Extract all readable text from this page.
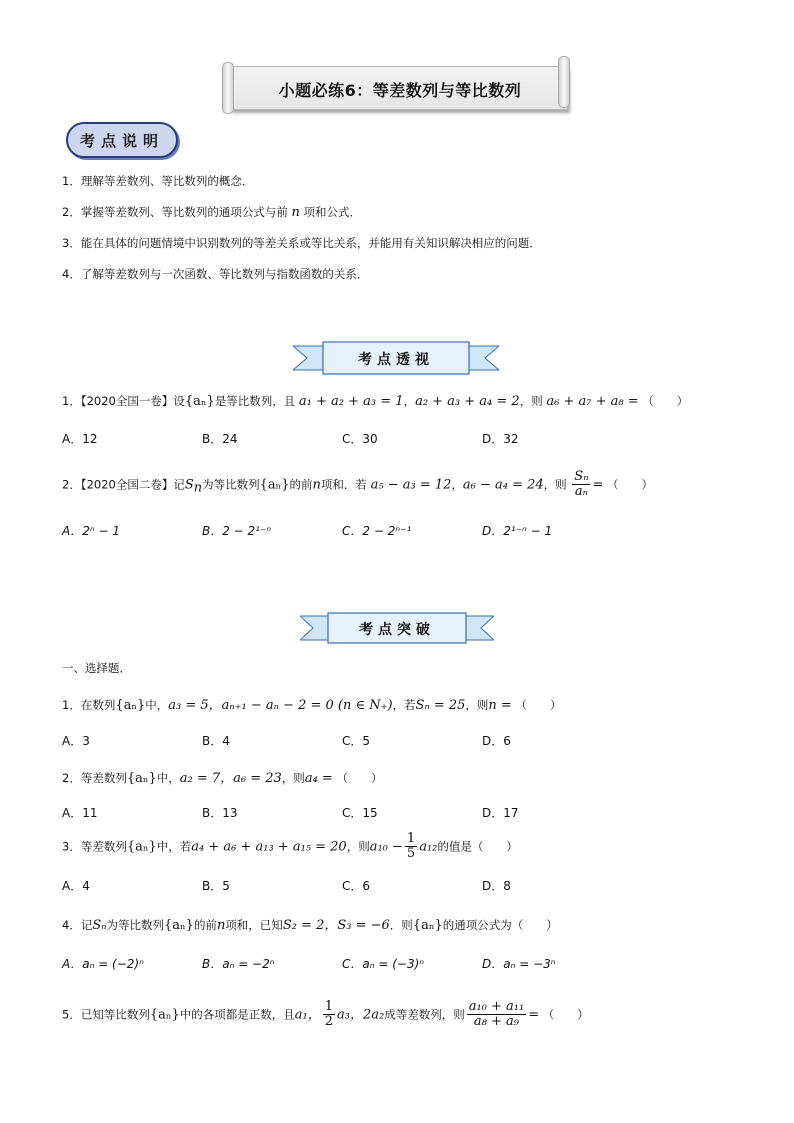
小题必练6：等差数列与等比数列
考点说明
1．理解等差数列、等比数列的概念．
2．掌握等差数列、等比数列的通项公式与前 n 项和公式．
3．能在具体的问题情境中识别数列的等差关系或等比关系，并能用有关知识解决相应的问题．
4．了解等差数列与一次函数、等比数列与指数函数的关系．
考点透视
1．【2020全国一卷】设{aₙ}是等比数列，且 a₁ + a₂ + a₃ = 1，a₂ + a₃ + a₄ = 2，则 a₆ + a₇ + a₈ = （　　）
A．12	B．24	C．30	D．32
2．【2020全国二卷】记$S_n$为等比数列{aₙ}的前n项和．若 a₅ − a₃ = 12，a₆ − a₄ = 24，则 $\frac{\text{Sₙ}}{\text{aₙ}}$ = （　　）
A．2ⁿ − 1	B．2 − 2¹⁻ⁿ	C．2 − 2ⁿ⁻¹	D．2¹⁻ⁿ − 1
考点突破
一、选择题．
1．在数列{aₙ}中，a₃ = 5，aₙ₊₁ − aₙ − 2 = 0 (n ∈ N₊)，若Sₙ = 25，则n = （　　）
A．3	B．4	C．5	D．6
2．等差数列{aₙ}中，a₂ = 7，a₆ = 23，则a₄ = （　　）
A．11	B．13	C．15	D．17
3．等差数列{aₙ}中，若a₄ + a₆ + a₁₃ + a₁₅ = 20，则$a_{10} - \frac{1}{5} a_{12}$的值是（　　）
A．4	B．5	C．6	D．8
4．记Sₙ为等比数列{aₙ}的前n项和，已知S₂ = 2，S₃ = −6．则{aₙ}的通项公式为（　　）
A．aₙ = (−2)ⁿ	B．aₙ = −2ⁿ	C．aₙ = (−3)ⁿ	D．aₙ = −3ⁿ
5．已知等比数列{aₙ}中的各项都是正数，且a₁， $\frac{1}{2} a_3$，2a₂成等差数列，则 $\frac{\text{a₁₀ + a₁₁}}{\text{a₈ + a₉}}$ = （　　）
